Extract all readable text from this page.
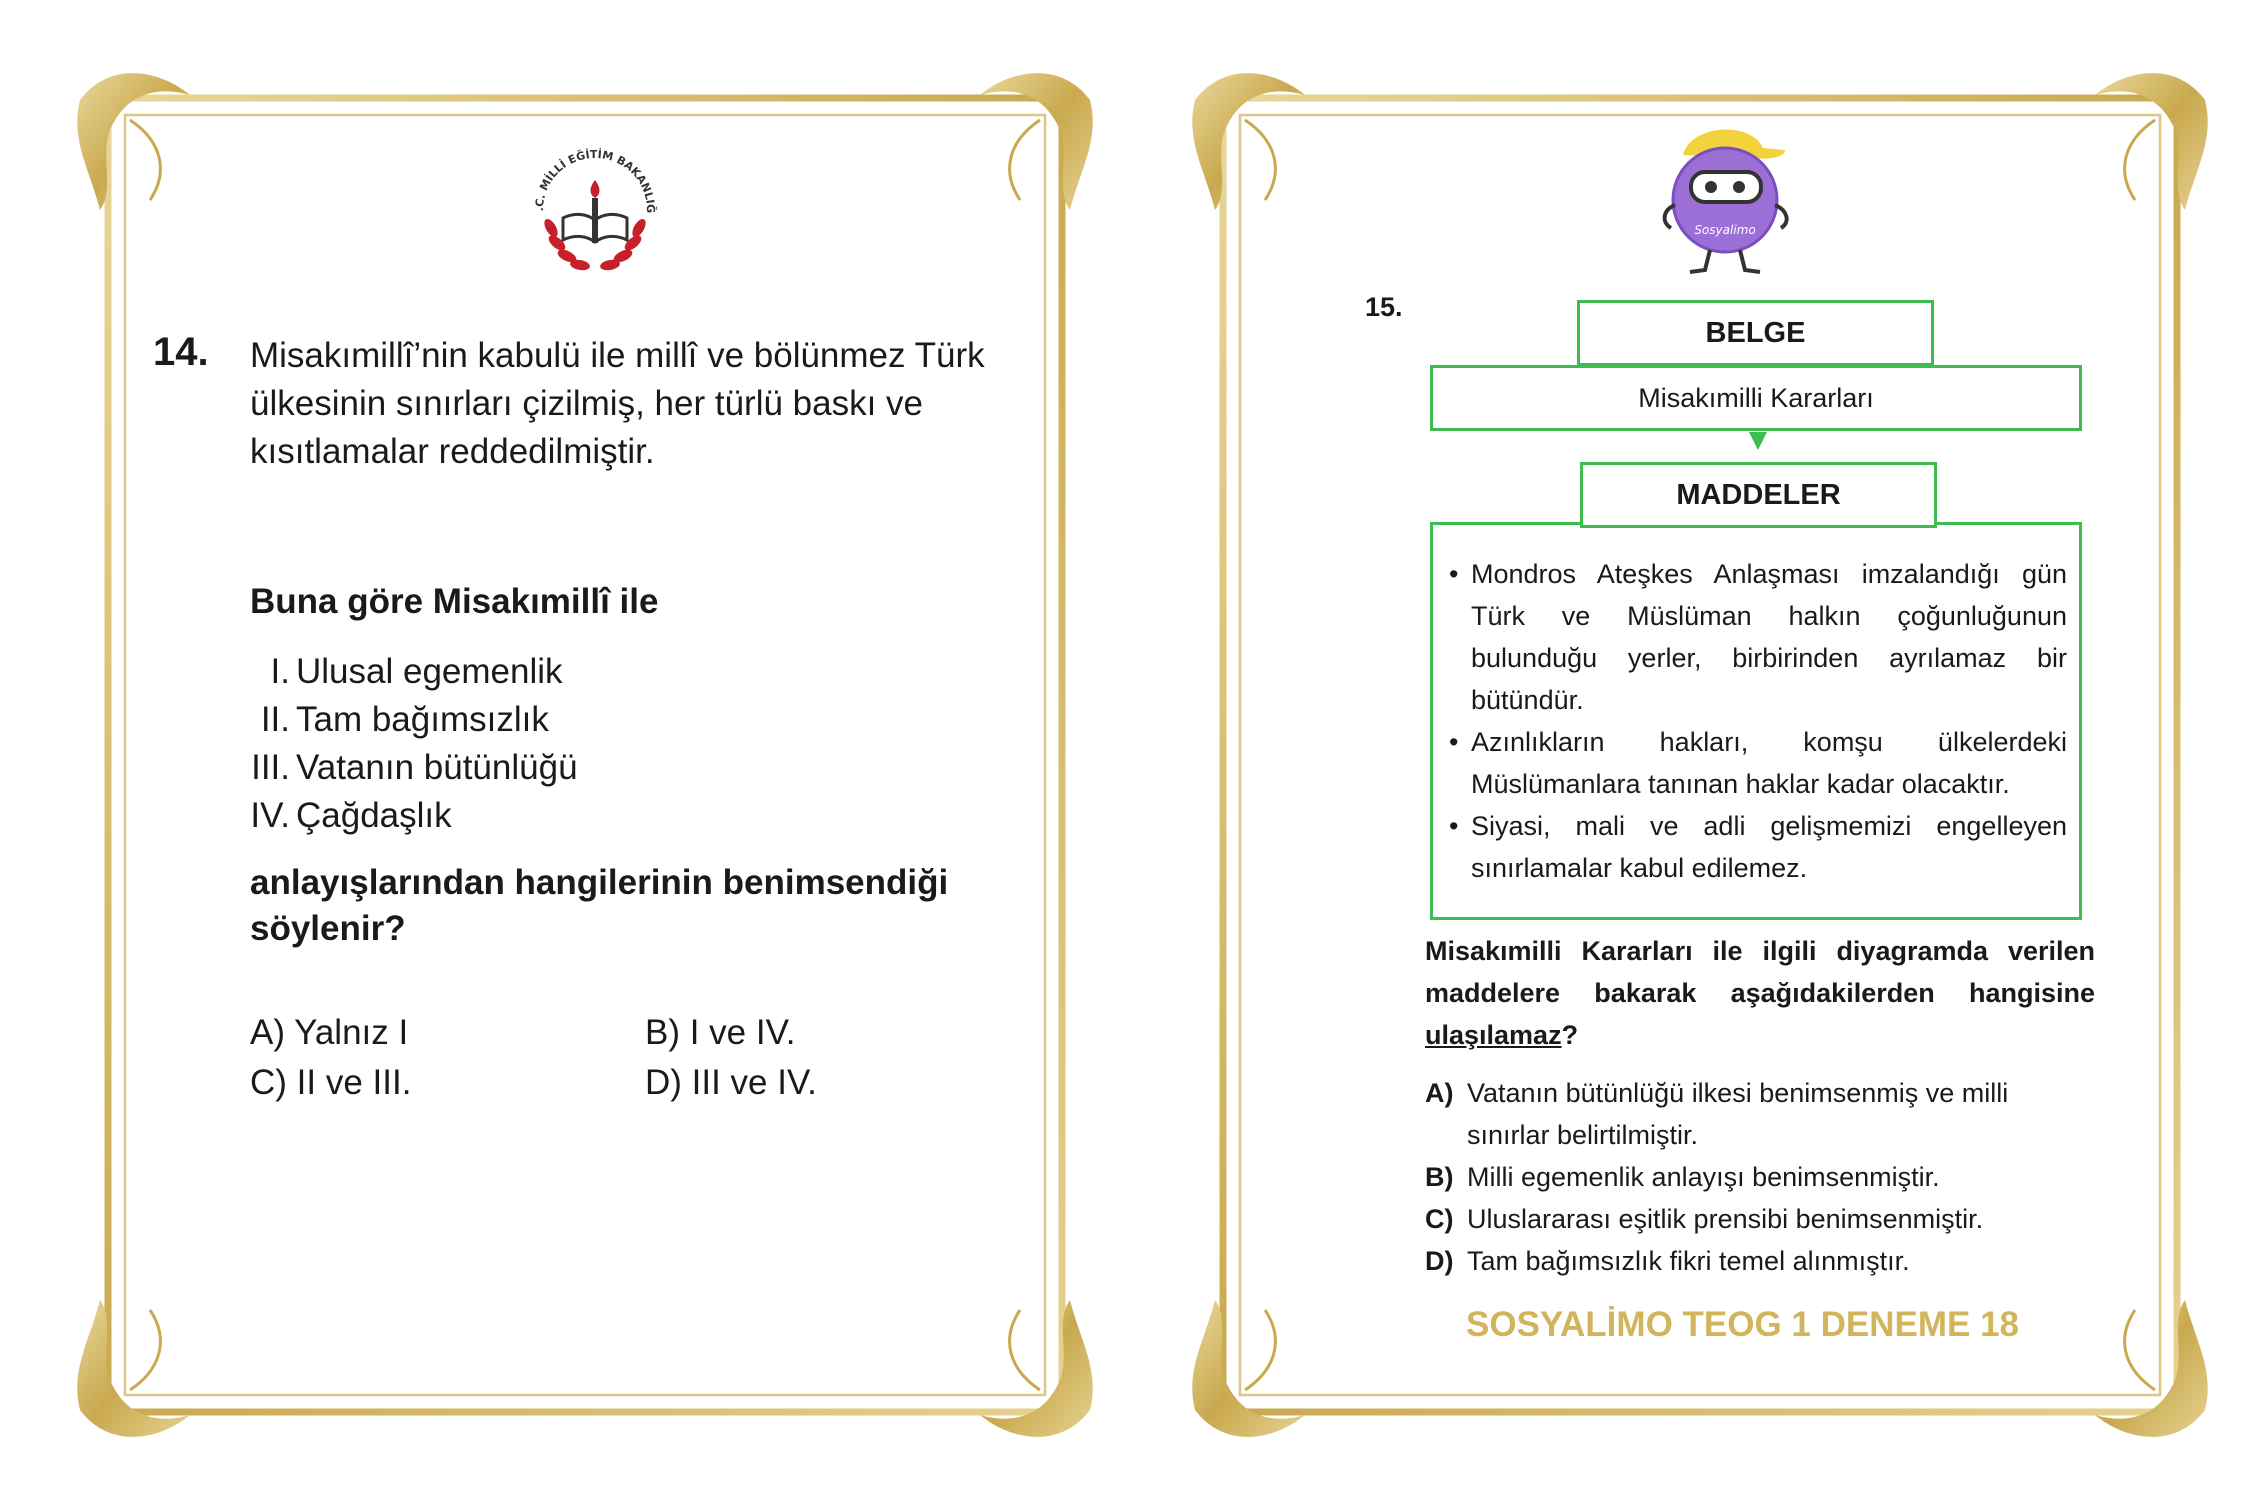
.C. MİLLİ EĞİTİM BAKANLIĞ
14. Misakımillî’nin kabulü ile millî ve bölünmez Türk ülkesinin sınırları çizilmiş, her türlü baskı ve kısıtlamalar reddedilmiştir.
Buna göre Misakımillî ile
I. Ulusal egemenlik
II. Tam bağımsızlık
III. Vatanın bütünlüğü
IV. Çağdaşlık
anlayışlarından hangilerinin benimsendiği söylenir?
A) Yalnız I	B) I ve IV.
C) II ve III.	D) III ve IV.
Sosyalimo
15.
BELGE
Misakımilli Kararları
• Mondros Ateşkes Anlaşması imzalandığı gün Türk ve Müslüman halkın çoğunluğunun bulunduğu yerler, birbirinden ayrılamaz bir bütündür.
• Azınlıkların hakları, komşu ülkelerdeki Müslümanlara tanınan haklar kadar olacaktır.
• Siyasi, mali ve adli gelişmemizi engelleyen sınırlamalar kabul edilemez.
MADDELER
Misakımilli Kararları ile ilgili diyagramda verilen maddelere bakarak aşağıdakilerden hangisine ulaşılamaz?
A) Vatanın bütünlüğü ilkesi benimsenmiş ve milli sınırlar belirtilmiştir.
B) Milli egemenlik anlayışı benimsenmiştir.
C) Uluslararası eşitlik prensibi benimsenmiştir.
D) Tam bağımsızlık fikri temel alınmıştır.
SOSYALİMO TEOG 1 DENEME 18
